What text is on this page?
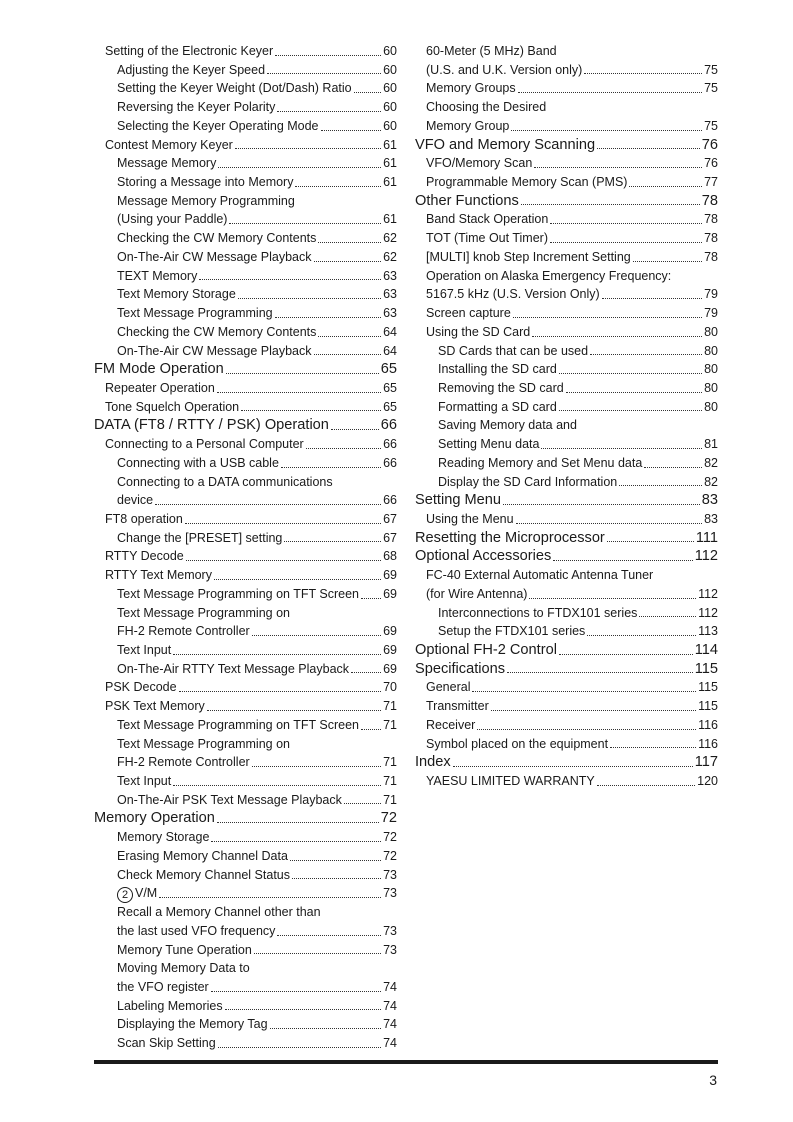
Setting of the Electronic Keyer	60
Adjusting the Keyer Speed	60
Setting the Keyer Weight (Dot/Dash) Ratio	60
Reversing the Keyer Polarity	60
Selecting the Keyer Operating Mode	60
Contest Memory Keyer	61
Message Memory	61
Storing a Message into Memory	61
Message Memory Programming
(Using your Paddle)	61
Checking the CW Memory Contents	62
On-The-Air CW Message Playback	62
TEXT Memory	63
Text Memory Storage	63
Text Message Programming	63
Checking the CW Memory Contents	64
On-The-Air CW Message Playback	64
FM Mode Operation	65
Repeater Operation	65
Tone Squelch Operation	65
DATA (FT8 / RTTY / PSK) Operation	66
Connecting to a Personal Computer	66
Connecting with a USB cable	66
Connecting to a DATA communications
device	66
FT8 operation	67
Change the [PRESET] setting	67
RTTY Decode	68
RTTY Text Memory	69
Text Message Programming on TFT Screen 69
Text Message Programming on
FH-2 Remote Controller	69
Text Input	69
On-The-Air RTTY Text Message Playback	69
PSK Decode	70
PSK Text Memory	71
Text Message Programming on TFT Screen 71
Text Message Programming on
FH-2 Remote Controller	71
Text Input	71
On-The-Air PSK Text Message Playback	71
Memory Operation	72
Memory Storage	72
Erasing Memory Channel Data	72
Check Memory Channel Status	73
2 V/M	73
Recall a Memory Channel other than
the last used VFO frequency	73
Memory Tune Operation	73
Moving Memory Data to
the VFO register	74
Labeling Memories	74
Displaying the Memory Tag	74
Scan Skip Setting	74
60-Meter (5 MHz) Band
(U.S. and U.K. Version only)	75
Memory Groups	75
Choosing the Desired
Memory Group	75
VFO and Memory Scanning	76
VFO/Memory Scan	76
Programmable Memory Scan (PMS)	77
Other Functions	78
Band Stack Operation	78
TOT (Time Out Timer)	78
[MULTI] knob Step Increment Setting	78
Operation on Alaska Emergency Frequency:
5167.5 kHz (U.S. Version Only)	79
Screen capture	79
Using the SD Card	80
SD Cards that can be used	80
Installing the SD card	80
Removing the SD card	80
Formatting a SD card	80
Saving Memory data and
Setting Menu data	81
Reading Memory and Set Menu data	82
Display the SD Card Information	82
Setting Menu	83
Using the Menu	83
Resetting the Microprocessor	111
Optional Accessories	112
FC-40 External Automatic Antenna Tuner
(for Wire Antenna)	112
Interconnections to FTDX101 series	112
Setup the FTDX101 series	113
Optional FH-2 Control	114
Specifications	115
General	115
Transmitter	115
Receiver	116
Symbol placed on the equipment	116
Index	117
YAESU LIMITED WARRANTY	120
3
